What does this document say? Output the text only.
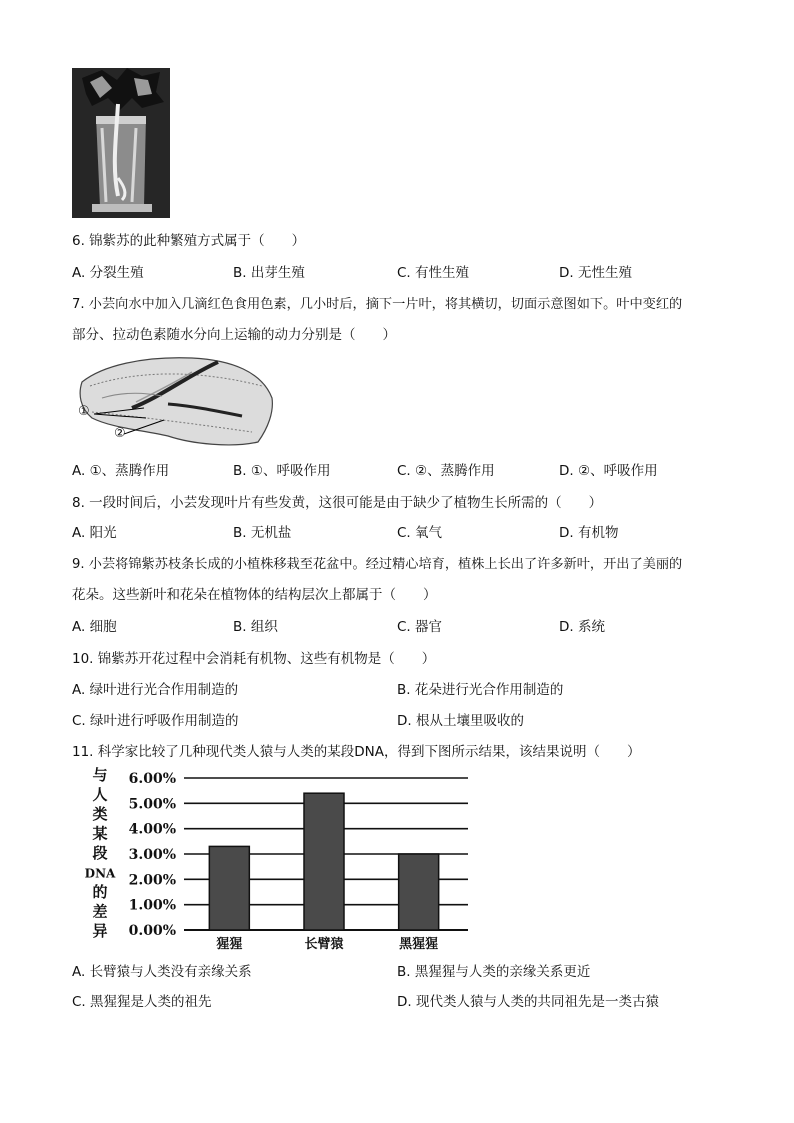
6. 锦紫苏的此种繁殖方式属于（　　）
A. 分裂生殖	B. 出芽生殖	C. 有性生殖	D. 无性生殖
7. 小芸向水中加入几滴红色食用色素，几小时后，摘下一片叶，将其横切，切面示意图如下。叶中变红的
部分、拉动色素随水分向上运输的动力分别是（　　）
①
②
A. ①、蒸腾作用	B. ①、呼吸作用	C. ②、蒸腾作用	D. ②、呼吸作用
8. 一段时间后，小芸发现叶片有些发黄，这很可能是由于缺少了植物生长所需的（　　）
A. 阳光	B. 无机盐	C. 氧气	D. 有机物
9. 小芸将锦紫苏枝条长成的小植株移栽至花盆中。经过精心培育，植株上长出了许多新叶，开出了美丽的
花朵。这些新叶和花朵在植物体的结构层次上都属于（　　）
A. 细胞	B. 组织	C. 器官	D. 系统
10. 锦紫苏开花过程中会消耗有机物、这些有机物是（　　）
A. 绿叶进行光合作用制造的	B. 花朵进行光合作用制造的
C. 绿叶进行呼吸作用制造的	D. 根从土壤里吸收的
11. 科学家比较了几种现代类人猿与人类的某段DNA，得到下图所示结果，该结果说明（　　）
与
人
类
某
段
DNA
的
差
异 0.00%
1.00%
2.00%
3.00%
4.00%
5.00%
6.00%
猩猩	长臂猿	黑猩猩
A. 长臂猿与人类没有亲缘关系	B. 黑猩猩与人类的亲缘关系更近
C. 黑猩猩是人类的祖先	D. 现代类人猿与人类的共同祖先是一类古猿
